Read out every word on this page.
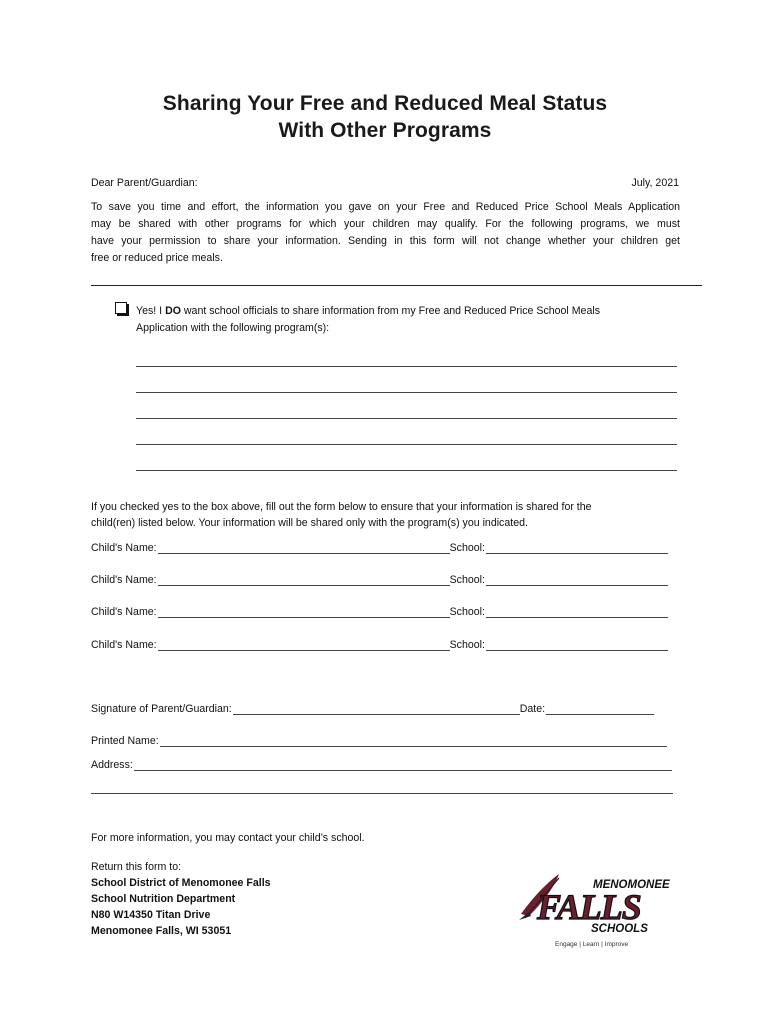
Sharing Your Free and Reduced Meal Status
With Other Programs
Dear Parent/Guardian:	July, 2021
To save you time and effort, the information you gave on your Free and Reduced Price School Meals Application
may be shared with other programs for which your children may qualify. For the following programs, we must
have your permission to share your information. Sending in this form will not change whether your children get
free or reduced price meals.
Yes! I DO want school officials to share information from my Free and Reduced Price School Meals
Application with the following program(s):
If you checked yes to the box above, fill out the form below to ensure that your information is shared for the
child(ren) listed below. Your information will be shared only with the program(s) you indicated.
Child's Name:	School:
Child's Name:	School:
Child's Name:	School:
Child's Name:	School:
Signature of Parent/Guardian:	Date:
Printed Name:
Address:
For more information, you may contact your child’s school.
Return this form to:
School District of Menomonee Falls
School Nutrition Department
N80 W14350 Titan Drive
Menomonee Falls, WI 53051
MENOMONEE
FALLS
SCHOOLS
Engage | Learn | Improve
